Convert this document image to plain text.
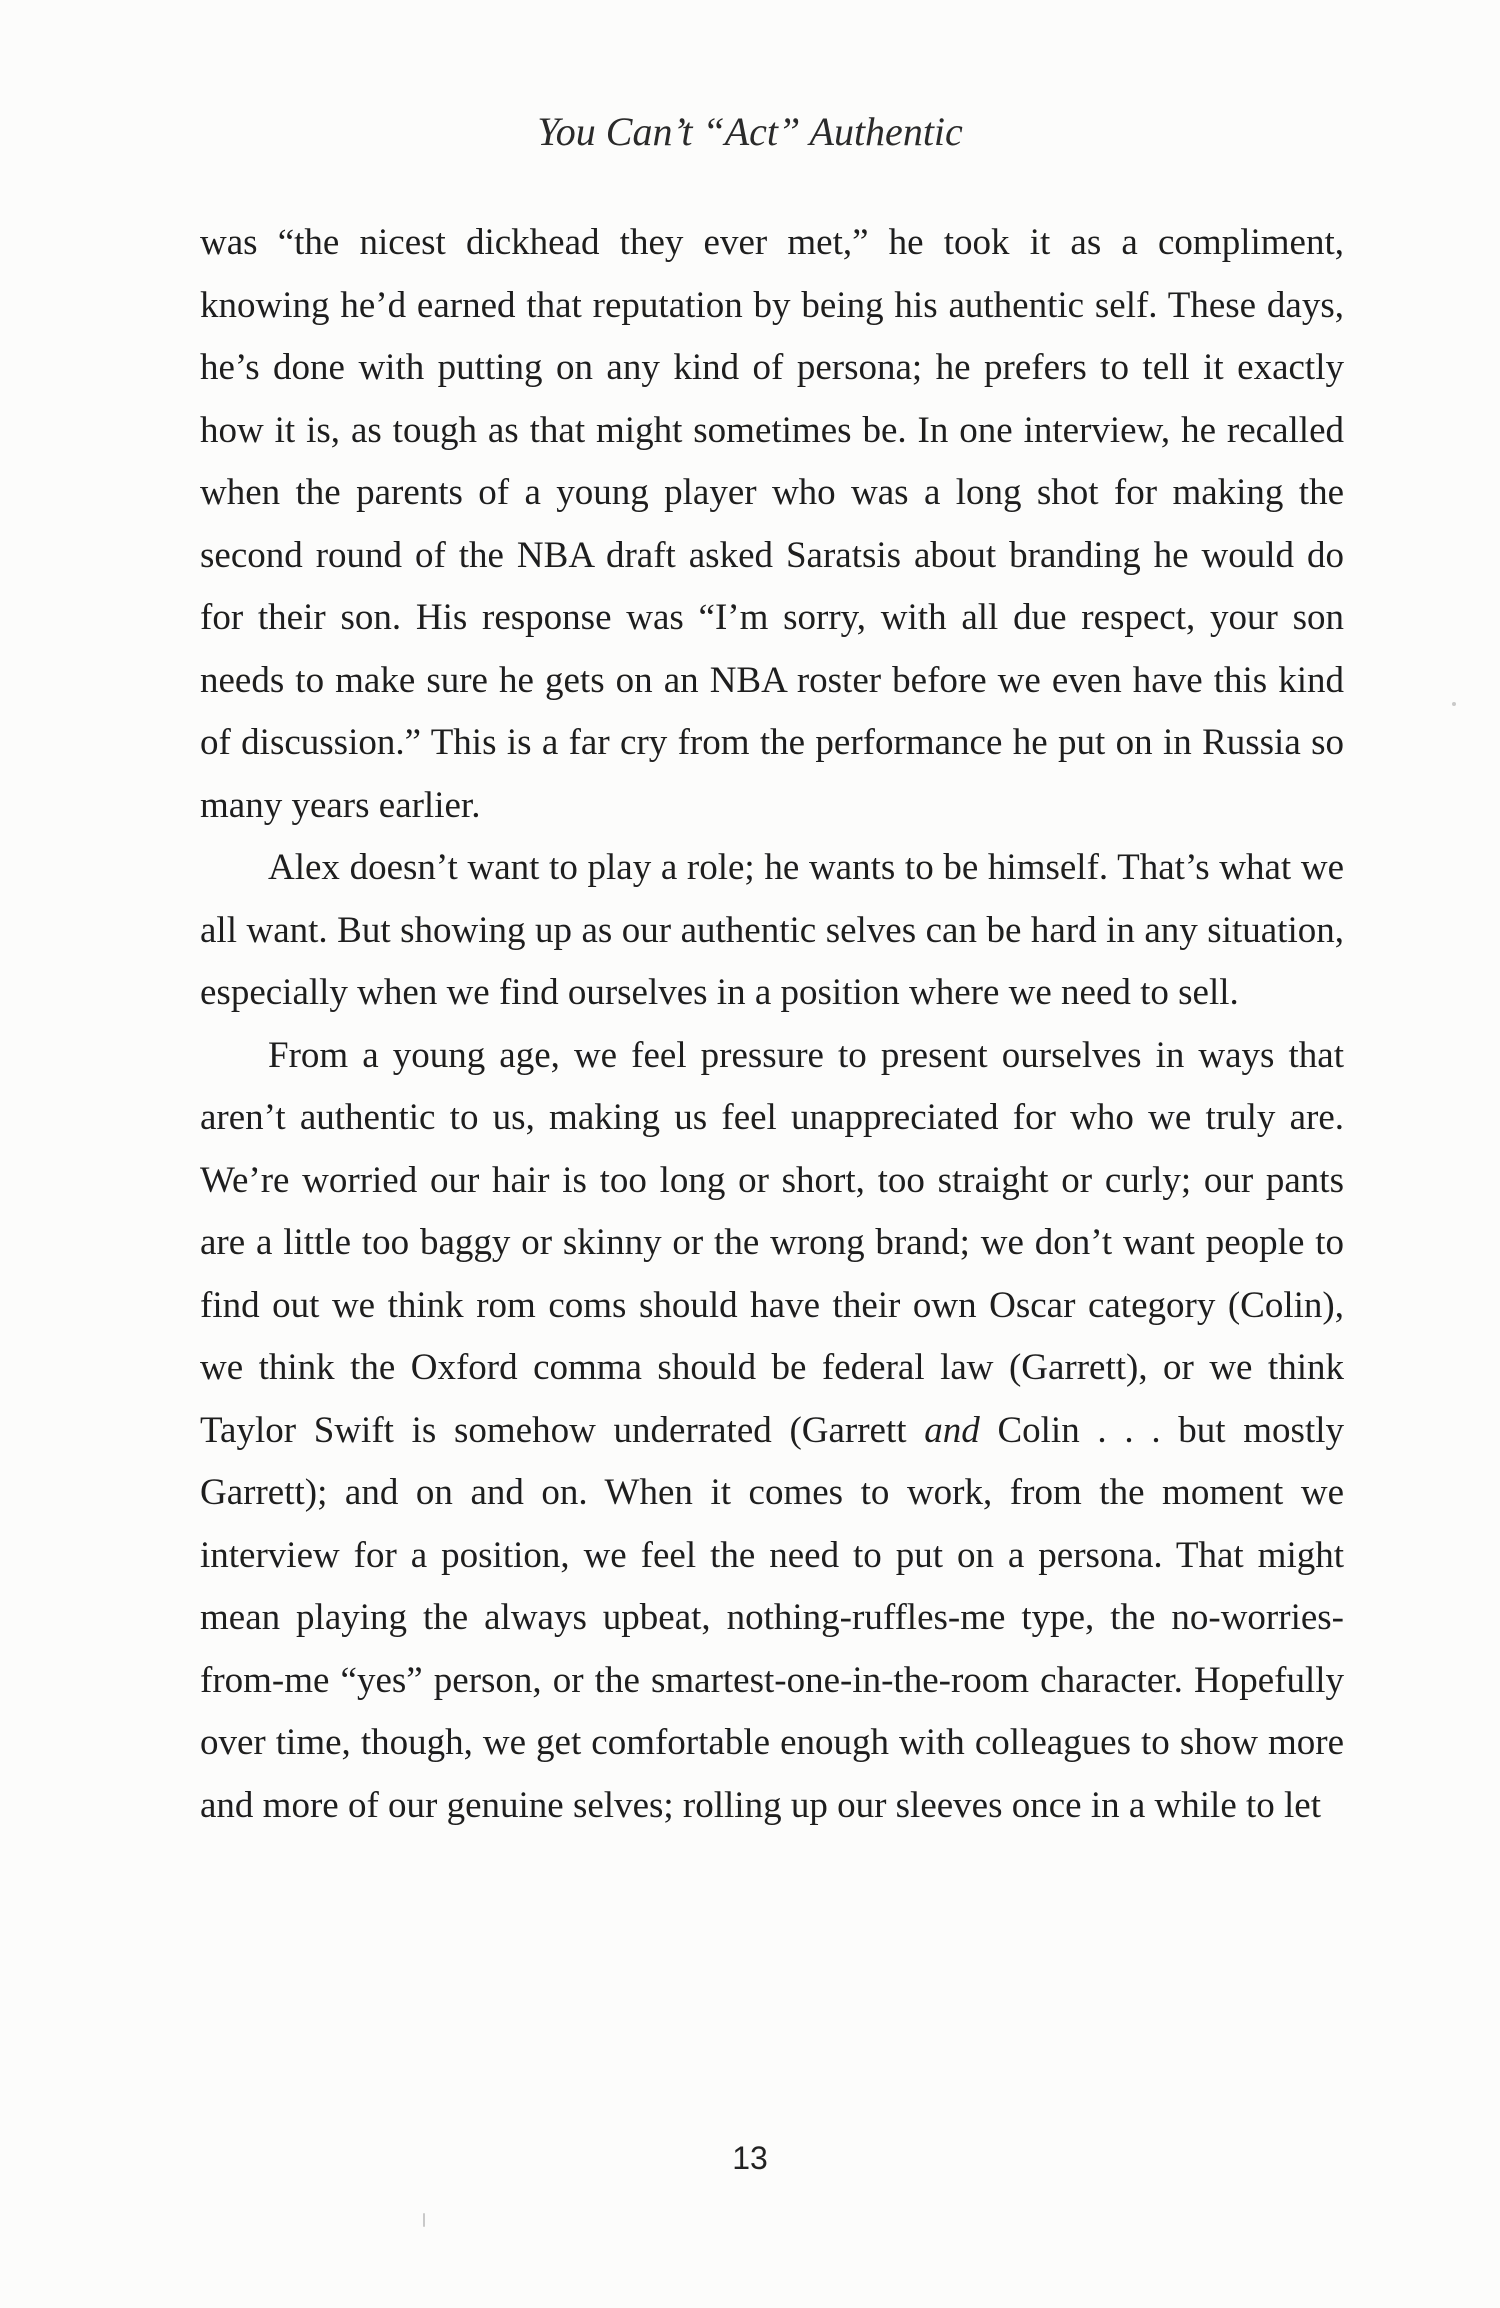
You Can’t “Act” Authentic

was “the nicest dickhead they ever met,” he took it as a compliment, knowing he’d earned that reputation by being his authentic self. These days, he’s done with putting on any kind of persona; he prefers to tell it exactly how it is, as tough as that might sometimes be. In one interview, he recalled when the parents of a young player who was a long shot for making the second round of the NBA draft asked Saratsis about branding he would do for their son. His response was “I’m sorry, with all due respect, your son needs to make sure he gets on an NBA roster before we even have this kind of discussion.” This is a far cry from the performance he put on in Russia so many years earlier.

Alex doesn’t want to play a role; he wants to be himself. That’s what we all want. But showing up as our authentic selves can be hard in any situation, especially when we find ourselves in a position where we need to sell.

From a young age, we feel pressure to present ourselves in ways that aren’t authentic to us, making us feel unappreciated for who we truly are. We’re worried our hair is too long or short, too straight or curly; our pants are a little too baggy or skinny or the wrong brand; we don’t want people to find out we think rom coms should have their own Oscar category (Colin), we think the Oxford comma should be federal law (Garrett), or we think Taylor Swift is somehow underrated (Garrett and Colin . . . but mostly Garrett); and on and on. When it comes to work, from the moment we interview for a position, we feel the need to put on a persona. That might mean playing the always upbeat, nothing-ruffles-me type, the no-worries-from-me “yes” person, or the smartest-one-in-the-room character. Hopefully over time, though, we get comfortable enough with colleagues to show more and more of our genuine selves; rolling up our sleeves once in a while to let

13
